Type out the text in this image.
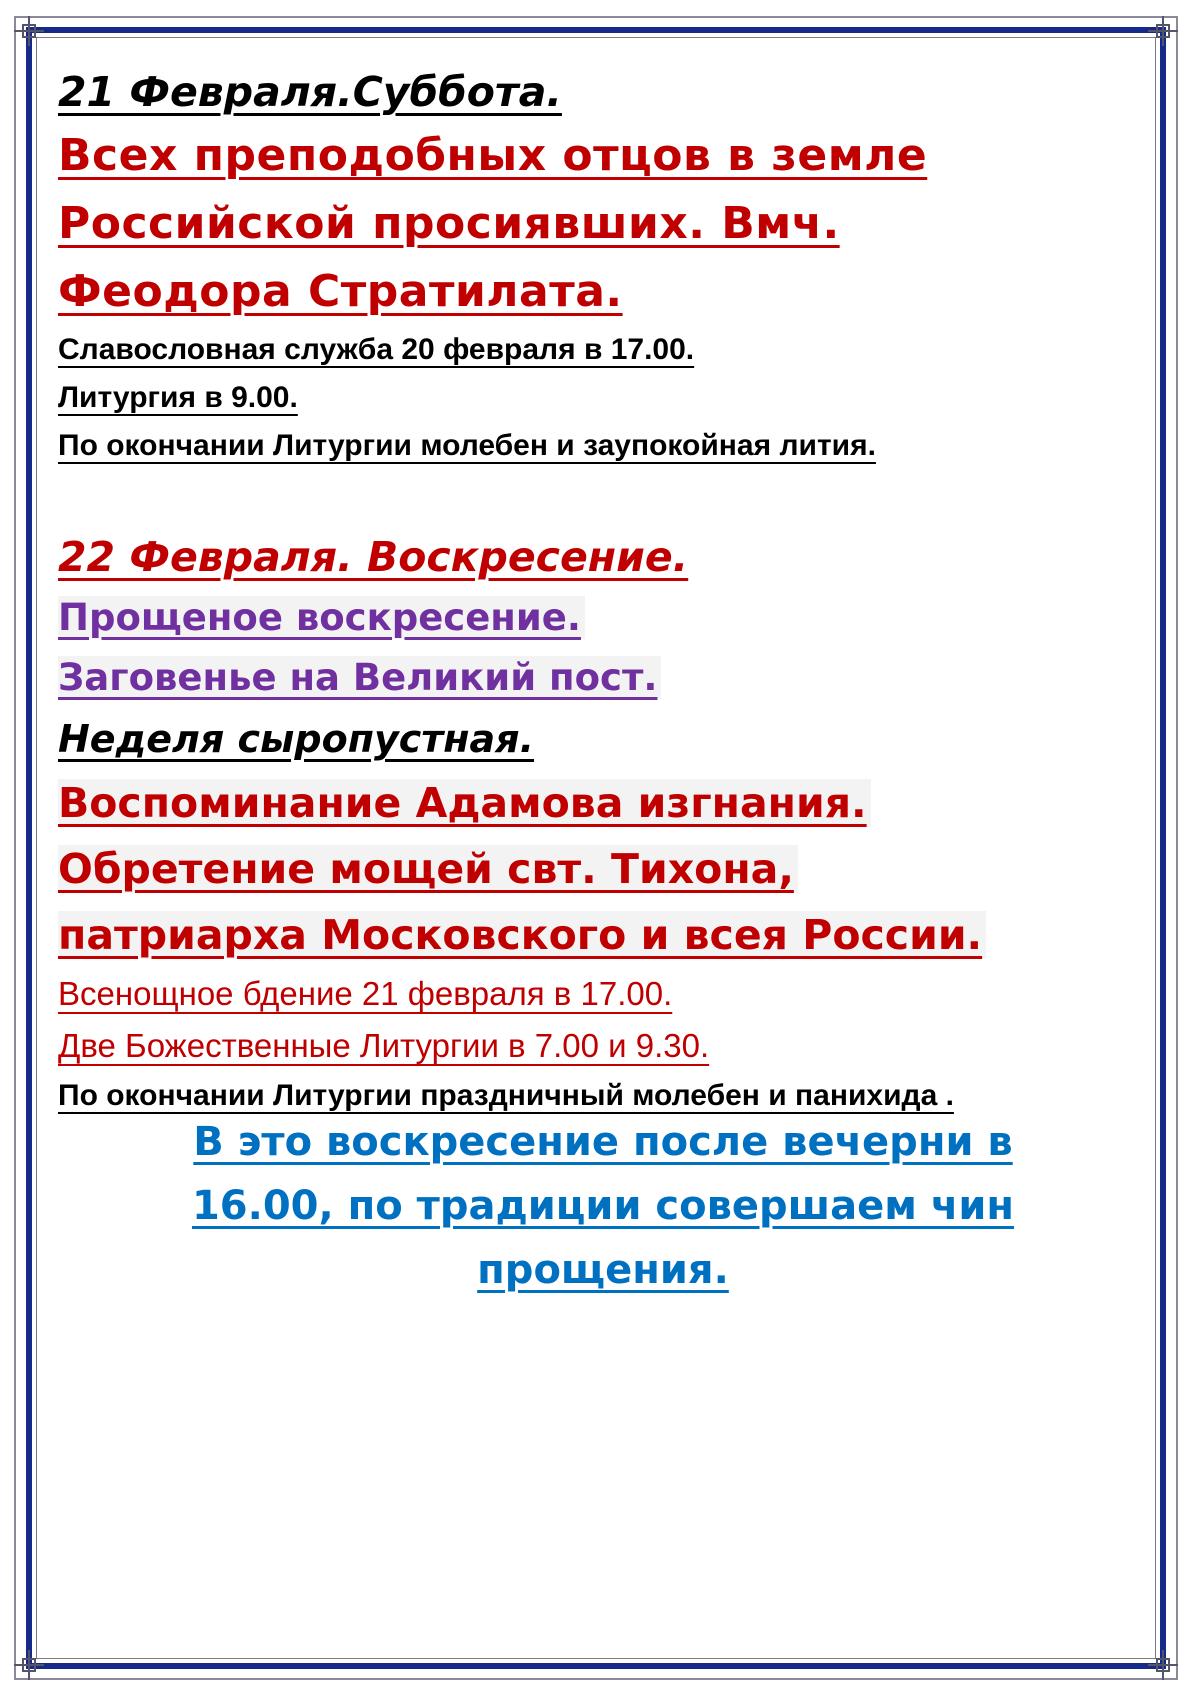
21 Февраля.Суббота.
Всех преподобных отцов в земле
Российской просиявших. Вмч.
Феодора Стратилата.
Славословная служба 20 февраля в 17.00.
Литургия в 9.00.
По окончании Литургии молебен и заупокойная лития.
22 Февраля. Воскресение.
Прощеное воскресение.
Заговенье на Великий пост.
Неделя сыропустная.
Воспоминание Адамова изгнания.
Обретение мощей свт. Тихона,
патриарха Московского и всея России.
Всенощное бдение 21 февраля в 17.00.
Две Божественные Литургии в 7.00 и 9.30.
По окончании Литургии праздничный молебен и панихида .
В это воскресение после вечерни в
16.00, по традиции совершаем чин
прощения.
